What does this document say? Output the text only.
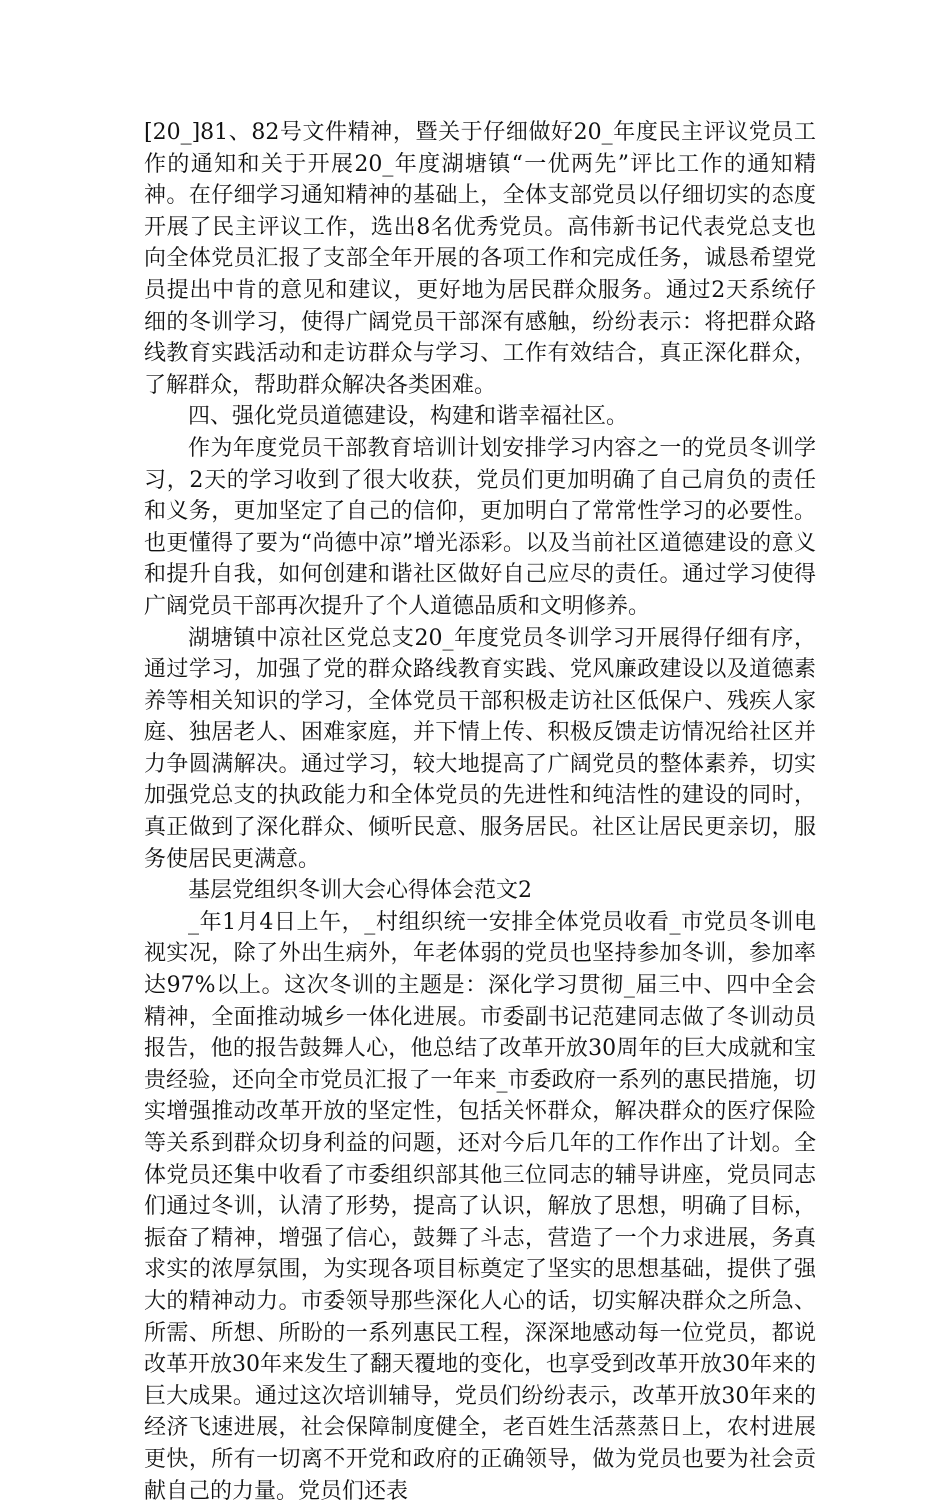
[20_]81、82号文件精神，暨关于仔细做好20_年度民主评议党员工作的通知和关于开展20_年度湖塘镇“一优两先”评比工作的通知精神。在仔细学习通知精神的基础上，全体支部党员以仔细切实的态度开展了民主评议工作，选出8名优秀党员。高伟新书记代表党总支也向全体党员汇报了支部全年开展的各项工作和完成任务，诚恳希望党员提出中肯的意见和建议，更好地为居民群众服务。通过2天系统仔细的冬训学习，使得广阔党员干部深有感触，纷纷表示：将把群众路线教育实践活动和走访群众与学习、工作有效结合，真正深化群众，了解群众，帮助群众解决各类困难。

四、强化党员道德建设，构建和谐幸福社区。

作为年度党员干部教育培训计划安排学习内容之一的党员冬训学习，2天的学习收到了很大收获，党员们更加明确了自己肩负的责任和义务，更加坚定了自己的信仰，更加明白了常常性学习的必要性。也更懂得了要为“尚德中凉”增光添彩。以及当前社区道德建设的意义和提升自我，如何创建和谐社区做好自己应尽的责任。通过学习使得广阔党员干部再次提升了个人道德品质和文明修养。

湖塘镇中凉社区党总支20_年度党员冬训学习开展得仔细有序，通过学习，加强了党的群众路线教育实践、党风廉政建设以及道德素养等相关知识的学习，全体党员干部积极走访社区低保户、残疾人家庭、独居老人、困难家庭，并下情上传、积极反馈走访情况给社区并力争圆满解决。通过学习，较大地提高了广阔党员的整体素养，切实加强党总支的执政能力和全体党员的先进性和纯洁性的建设的同时，真正做到了深化群众、倾听民意、服务居民。社区让居民更亲切，服务使居民更满意。

基层党组织冬训大会心得体会范文2

_年1月4日上午，_村组织统一安排全体党员收看_市党员冬训电视实况，除了外出生病外，年老体弱的党员也坚持参加冬训，参加率达97%以上。这次冬训的主题是：深化学习贯彻_届三中、四中全会精神，全面推动城乡一体化进展。市委副书记范建同志做了冬训动员报告，他的报告鼓舞人心，他总结了改革开放30周年的巨大成就和宝贵经验，还向全市党员汇报了一年来_市委政府一系列的惠民措施，切实增强推动改革开放的坚定性，包括关怀群众，解决群众的医疗保险等关系到群众切身利益的问题，还对今后几年的工作作出了计划。全体党员还集中收看了市委组织部其他三位同志的辅导讲座，党员同志们通过冬训，认清了形势，提高了认识，解放了思想，明确了目标，振奋了精神，增强了信心，鼓舞了斗志，营造了一个力求进展，务真求实的浓厚氛围，为实现各项目标奠定了坚实的思想基础，提供了强大的精神动力。市委领导那些深化人心的话，切实解决群众之所急、所需、所想、所盼的一系列惠民工程，深深地感动每一位党员，都说改革开放30年来发生了翻天覆地的变化，也享受到改革开放30年来的巨大成果。通过这次培训辅导，党员们纷纷表示，改革开放30年来的经济飞速进展，社会保障制度健全，老百姓生活蒸蒸日上，农村进展更快，所有一切离不开党和政府的正确领导，做为党员也要为社会贡献自己的力量。党员们还表
